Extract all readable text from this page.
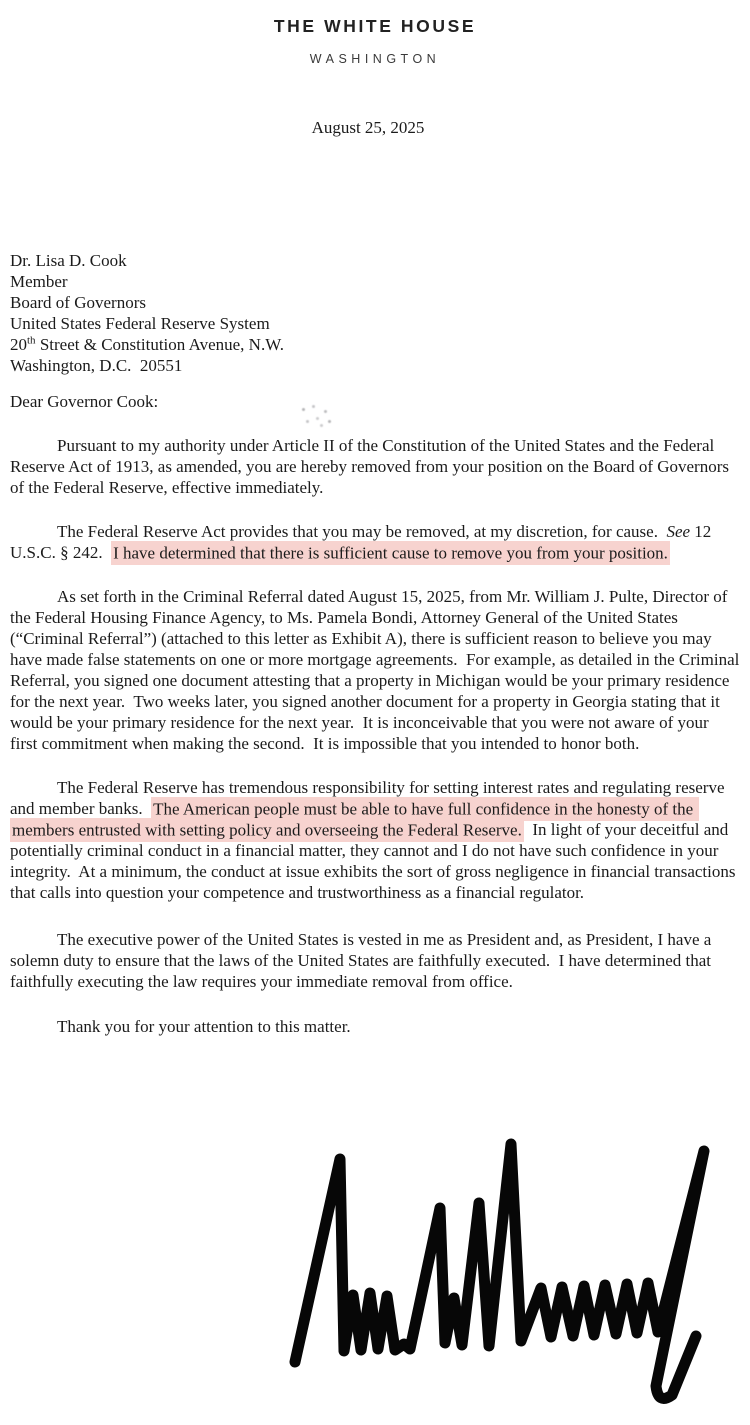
THE WHITE HOUSE
WASHINGTON
August 25, 2025
Dr. Lisa D. Cook
Member
Board of Governors
United States Federal Reserve System
20th Street & Constitution Avenue, N.W.
Washington, D.C.  20551
Dear Governor Cook:

Pursuant to my authority under Article II of the Constitution of the United States and the Federal Reserve Act of 1913, as amended, you are hereby removed from your position on the Board of Governors of the Federal Reserve, effective immediately.

The Federal Reserve Act provides that you may be removed, at my discretion, for cause.  See 12 U.S.C. § 242.  I have determined that there is sufficient cause to remove you from your position.

As set forth in the Criminal Referral dated August 15, 2025, from Mr. William J. Pulte, Director of the Federal Housing Finance Agency, to Ms. Pamela Bondi, Attorney General of the United States (“Criminal Referral”) (attached to this letter as Exhibit A), there is sufficient reason to believe you may have made false statements on one or more mortgage agreements.  For example, as detailed in the Criminal Referral, you signed one document attesting that a property in Michigan would be your primary residence for the next year.  Two weeks later, you signed another document for a property in Georgia stating that it would be your primary residence for the next year.  It is inconceivable that you were not aware of your first commitment when making the second.  It is impossible that you intended to honor both.

The Federal Reserve has tremendous responsibility for setting interest rates and regulating reserve and member banks.  The American people must be able to have full confidence in the honesty of the members entrusted with setting policy and overseeing the Federal Reserve.  In light of your deceitful and potentially criminal conduct in a financial matter, they cannot and I do not have such confidence in your integrity.  At a minimum, the conduct at issue exhibits the sort of gross negligence in financial transactions that calls into question your competence and trustworthiness as a financial regulator.

The executive power of the United States is vested in me as President and, as President, I have a solemn duty to ensure that the laws of the United States are faithfully executed.  I have determined that faithfully executing the law requires your immediate removal from office.

Thank you for your attention to this matter.
